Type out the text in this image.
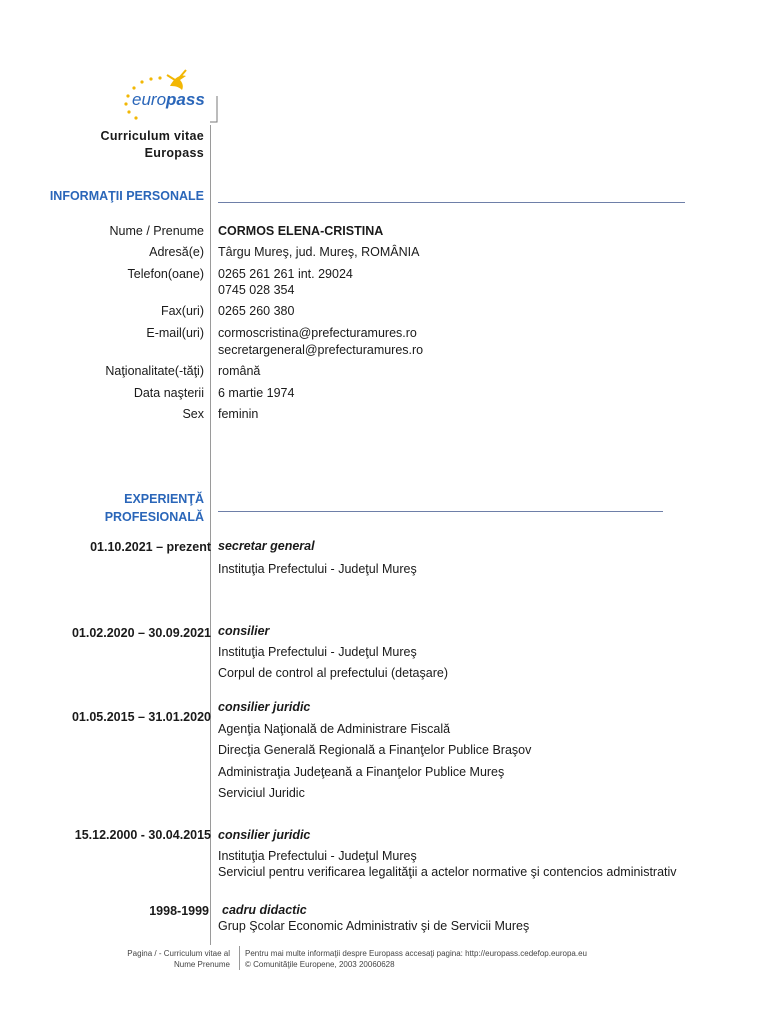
europass
Curriculum vitae
Europass
INFORMAŢII PERSONALE
Nume / Prenume CORMOS ELENA-CRISTINA
Adresă(e) Târgu Mureş, jud. Mureş, ROMÂNIA
Telefon(oane) 0265 261 261 int. 29024
0745 028 354
Fax(uri) 0265 260 380
E-mail(uri) cormoscristina@prefecturamures.ro
secretargeneral@prefecturamures.ro
Naţionalitate(-tăţi) română
Data naşterii 6 martie 1974
Sex feminin
EXPERIENŢĂ
PROFESIONALĂ
01.10.2021 – prezent secretar general
Instituţia Prefectului - Judeţul Mureş
01.02.2020 – 30.09.2021 consilier
Instituţia Prefectului - Judeţul Mureş
Corpul de control al prefectului (detaşare)
01.05.2015 – 31.01.2020
consilier juridic
Agenţia Naţională de Administrare Fiscală
Direcţia Generală Regională a Finanţelor Publice Braşov
Administraţia Judeţeană a Finanţelor Publice Mureş
Serviciul Juridic
15.12.2000 - 30.04.2015 consilier juridic
Instituţia Prefectului - Judeţul Mureş
Serviciul pentru verificarea legalităţii a actelor normative şi contencios administrativ
1998-1999 cadru didactic
Grup Şcolar Economic Administrativ şi de Servicii Mureş
Pagina / - Curriculum vitae al
Nume Prenume
Pentru mai multe informaţii despre Europass accesaţi pagina: http://europass.cedefop.europa.eu
© Comunităţile Europene, 2003 20060628
